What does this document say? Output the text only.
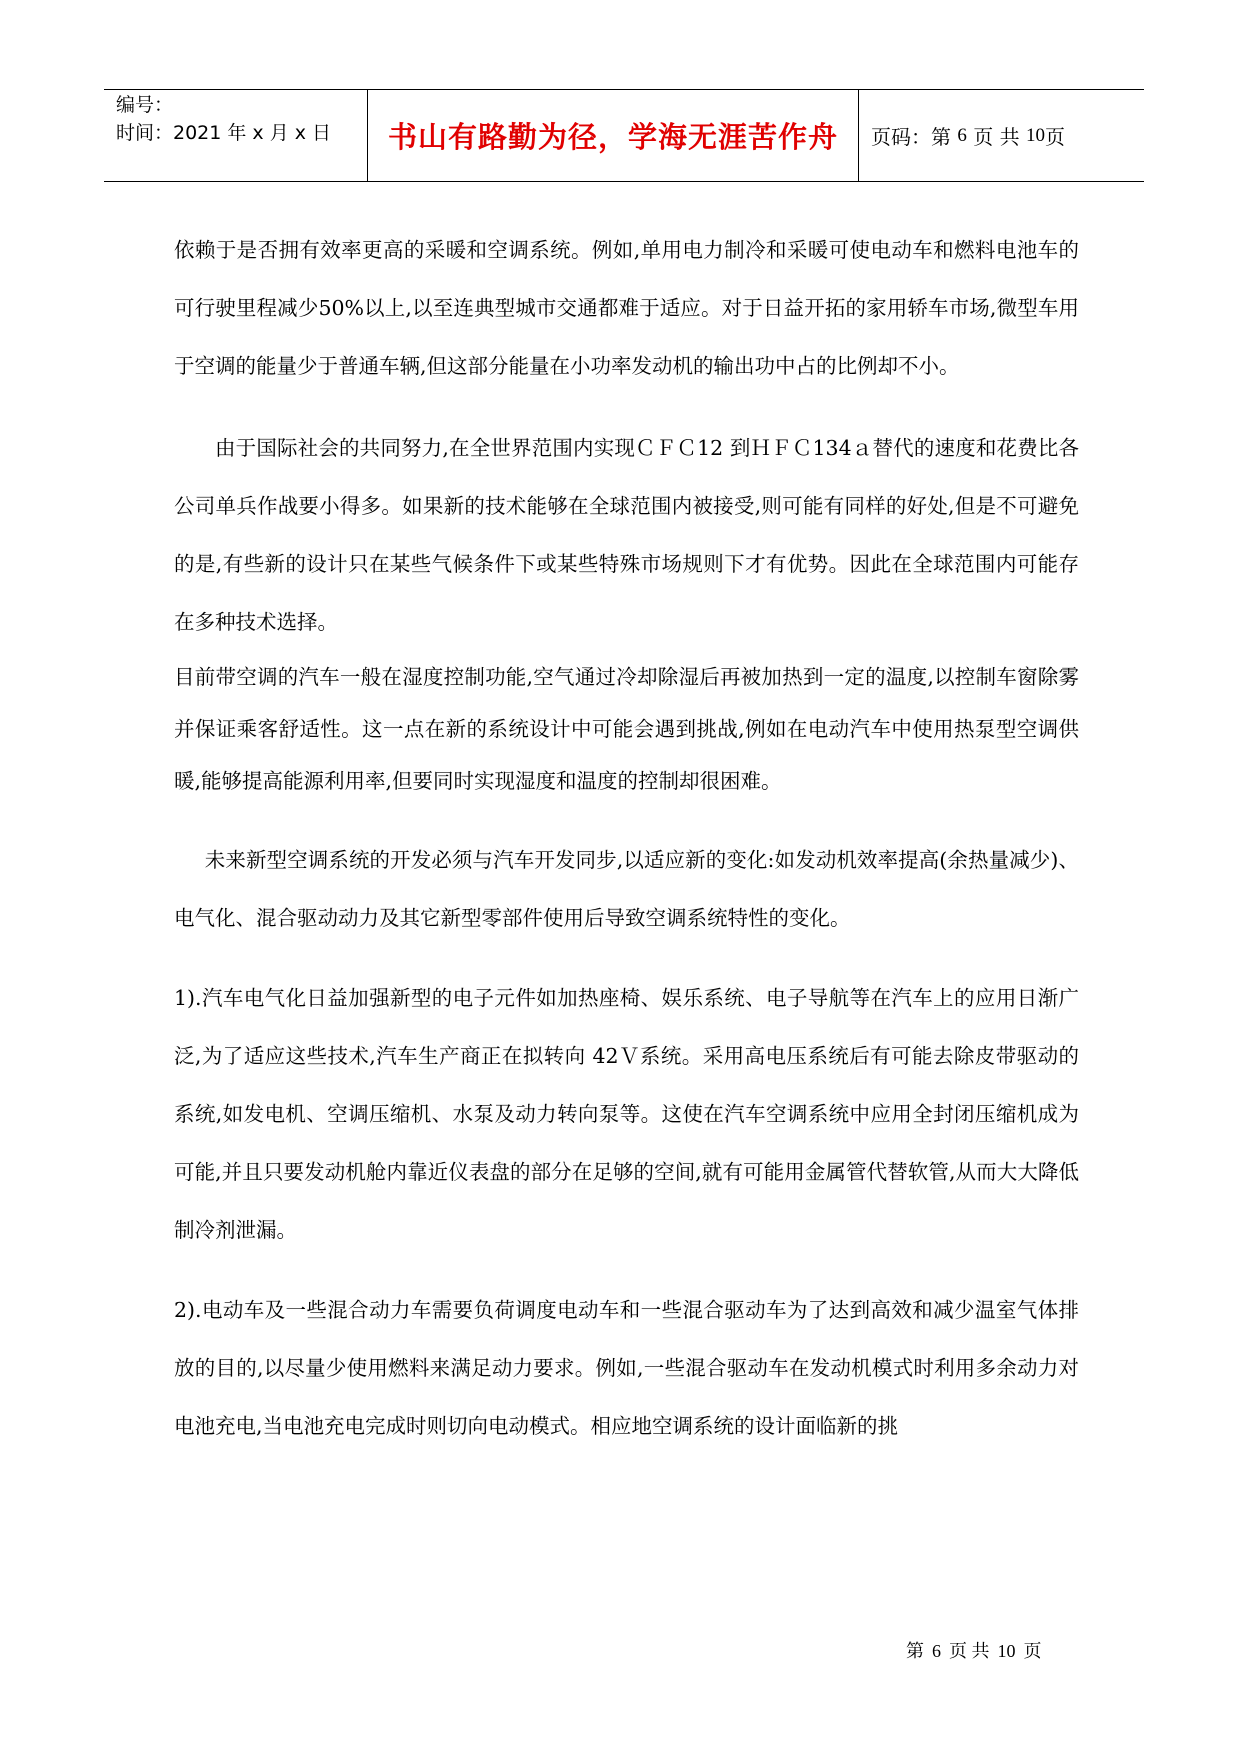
编号：
时间：2021 年 x 月 x 日	书山有路勤为径，学海无涯苦作舟	页码：第
6
页 共
10 页

依赖于是否拥有效率更高的采暖和空调系统。例如,单用电力制冷和采暖可使电动车和燃料电池车的可行驶里程减少50%以上,以至连典型城市交通都难于适应。对于日益开拓的家用轿车市场,微型车用于空调的能量少于普通车辆,但这部分能量在小功率发动机的输出功中占的比例却不小。

由于国际社会的共同努力,在全世界范围内实现ＣＦＣ12 到ＨＦＣ134ａ替代的速度和花费比各公司单兵作战要小得多。如果新的技术能够在全球范围内被接受,则可能有同样的好处,但是不可避免的是,有些新的设计只在某些气候条件下或某些特殊市场规则下才有优势。因此在全球范围内可能存在多种技术选择。

目前带空调的汽车一般在湿度控制功能,空气通过冷却除湿后再被加热到一定的温度,以控制车窗除雾并保证乘客舒适性。这一点在新的系统设计中可能会遇到挑战,例如在电动汽车中使用热泵型空调供暖,能够提高能源利用率,但要同时实现湿度和温度的控制却很困难。

未来新型空调系统的开发必须与汽车开发同步,以适应新的变化:如发动机效率提高(余热量减少)、电气化、混合驱动动力及其它新型零部件使用后导致空调系统特性的变化。

1).汽车电气化日益加强新型的电子元件如加热座椅、娱乐系统、电子导航等在汽车上的应用日渐广泛,为了适应这些技术,汽车生产商正在拟转向 42Ｖ系统。采用高电压系统后有可能去除皮带驱动的系统,如发电机、空调压缩机、水泵及动力转向泵等。这使在汽车空调系统中应用全封闭压缩机成为可能,并且只要发动机舱内靠近仪表盘的部分在足够的空间,就有可能用金属管代替软管,从而大大降低制冷剂泄漏。

2).电动车及一些混合动力车需要负荷调度电动车和一些混合驱动车为了达到高效和减少温室气体排放的目的,以尽量少使用燃料来满足动力要求。例如,一些混合驱动车在发动机模式时利用多余动力对电池充电,当电池充电完成时则切向电动模式。相应地空调系统的设计面临新的挑

第 6 页 共 10 页
